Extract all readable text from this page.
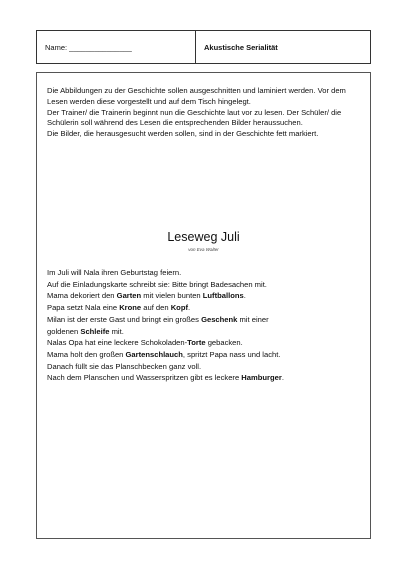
Name: _______________	Akustische Serialität

Die Abbildungen zu der Geschichte sollen ausgeschnitten und laminiert werden. Vor dem Lesen werden diese vorgestellt und auf dem Tisch hingelegt.

Der Trainer/ die Trainerin beginnt nun die Geschichte laut vor zu lesen. Der Schüler/ die Schülerin soll während des Lesen die entsprechenden Bilder heraussuchen.

Die Bilder, die herausgesucht werden sollen, sind in der Geschichte fett markiert.

Leseweg Juli
von Eva Walter

Im Juli will Nala ihren Geburtstag feiern.

Auf die Einladungskarte schreibt sie: Bitte bringt Badesachen mit.

Mama dekoriert den Garten mit vielen bunten Luftballons.

Papa setzt Nala eine Krone auf den Kopf.

Milan ist der erste Gast und bringt ein großes Geschenk mit einer

goldenen Schleife mit.

Nalas Opa hat eine leckere Schokoladen-Torte gebacken.

Mama holt den großen Gartenschlauch, spritzt Papa nass und lacht.

Danach füllt sie das Planschbecken ganz voll.

Nach dem Planschen und Wasserspritzen gibt es leckere Hamburger.
